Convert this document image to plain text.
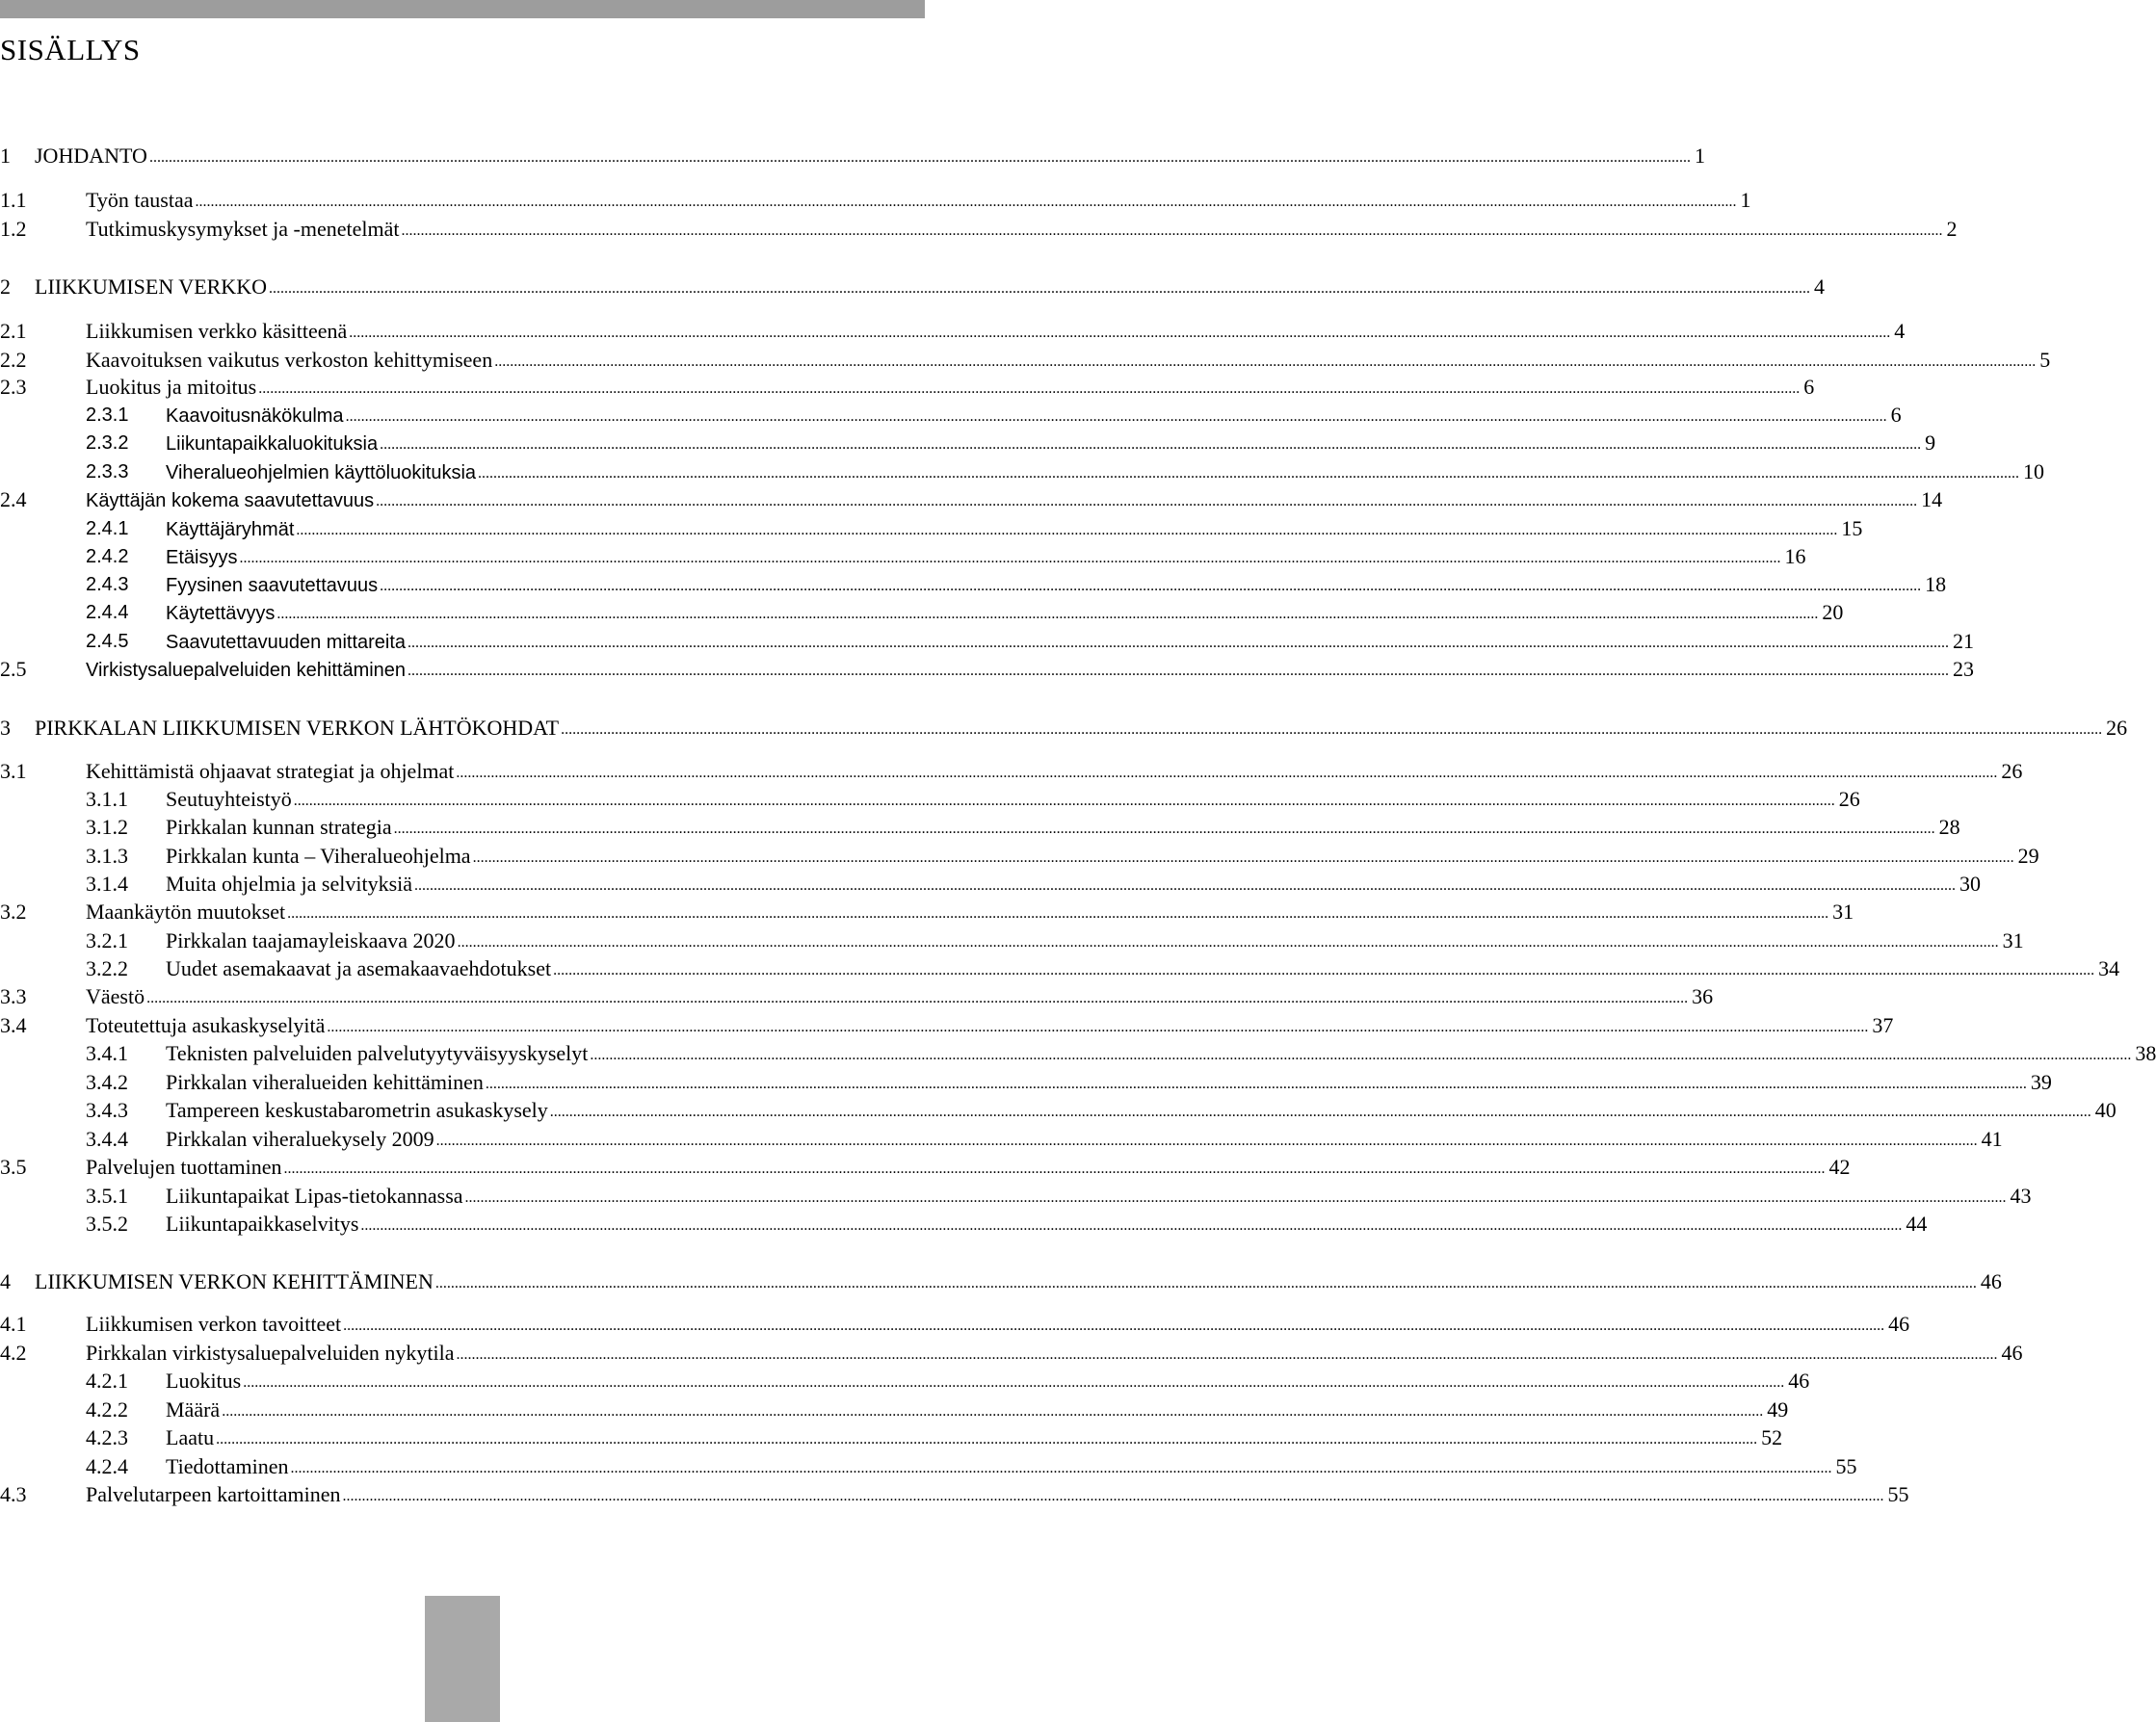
SISÄLLYS
1 JOHDANTO ................................................................................................................................................................................................................................................................................................................................................................................................................ 1
1.1	Työn taustaa ................................................................................................................................................................................................................................................................................................................................................................................................................ 1
1.2	Tutkimuskysymykset ja -menetelmät ................................................................................................................................................................................................................................................................................................................................................................................................................ 2
2 LIIKKUMISEN VERKKO ................................................................................................................................................................................................................................................................................................................................................................................................................ 4
2.1	Liikkumisen verkko käsitteenä ................................................................................................................................................................................................................................................................................................................................................................................................................ 4
2.2	Kaavoituksen vaikutus verkoston kehittymiseen ................................................................................................................................................................................................................................................................................................................................................................................................................ 5
2.3	Luokitus ja mitoitus ................................................................................................................................................................................................................................................................................................................................................................................................................ 6
2.3.1 Kaavoitusnäkökulma ................................................................................................................................................................................................................................................................................................................................................................................................................ 6
2.3.2 Liikuntapaikkaluokituksia ................................................................................................................................................................................................................................................................................................................................................................................................................ 9
2.3.3 Viheralueohjelmien käyttöluokituksia ................................................................................................................................................................................................................................................................................................................................................................................................................ 10
2.4	Käyttäjän kokema saavutettavuus ................................................................................................................................................................................................................................................................................................................................................................................................................ 14
2.4.1 Käyttäjäryhmät ................................................................................................................................................................................................................................................................................................................................................................................................................ 15
2.4.2 Etäisyys ................................................................................................................................................................................................................................................................................................................................................................................................................ 16
2.4.3 Fyysinen saavutettavuus ................................................................................................................................................................................................................................................................................................................................................................................................................ 18
2.4.4 Käytettävyys ................................................................................................................................................................................................................................................................................................................................................................................................................ 20
2.4.5 Saavutettavuuden mittareita ................................................................................................................................................................................................................................................................................................................................................................................................................ 21
2.5	Virkistysaluepalveluiden kehittäminen ................................................................................................................................................................................................................................................................................................................................................................................................................ 23
3 PIRKKALAN LIIKKUMISEN VERKON LÄHTÖKOHDAT ................................................................................................................................................................................................................................................................................................................................................................................................................ 26
3.1	Kehittämistä ohjaavat strategiat ja ohjelmat ................................................................................................................................................................................................................................................................................................................................................................................................................ 26
3.1.1 Seutuyhteistyö ................................................................................................................................................................................................................................................................................................................................................................................................................ 26
3.1.2 Pirkkalan kunnan strategia ................................................................................................................................................................................................................................................................................................................................................................................................................ 28
3.1.3 Pirkkalan kunta – Viheralueohjelma ................................................................................................................................................................................................................................................................................................................................................................................................................ 29
3.1.4 Muita ohjelmia ja selvityksiä ................................................................................................................................................................................................................................................................................................................................................................................................................ 30
3.2	Maankäytön muutokset ................................................................................................................................................................................................................................................................................................................................................................................................................ 31
3.2.1 Pirkkalan taajamayleiskaava 2020 ................................................................................................................................................................................................................................................................................................................................................................................................................ 31
3.2.2 Uudet asemakaavat ja asemakaavaehdotukset ................................................................................................................................................................................................................................................................................................................................................................................................................ 34
3.3	Väestö ................................................................................................................................................................................................................................................................................................................................................................................................................ 36
3.4	Toteutettuja asukaskyselyitä ................................................................................................................................................................................................................................................................................................................................................................................................................ 37
3.4.1 Teknisten palveluiden palvelutyytyväisyyskyselyt ................................................................................................................................................................................................................................................................................................................................................................................................................ 38
3.4.2 Pirkkalan viheralueiden kehittäminen ................................................................................................................................................................................................................................................................................................................................................................................................................ 39
3.4.3 Tampereen keskustabarometrin asukaskysely ................................................................................................................................................................................................................................................................................................................................................................................................................ 40
3.4.4 Pirkkalan viheraluekysely 2009 ................................................................................................................................................................................................................................................................................................................................................................................................................ 41
3.5	Palvelujen tuottaminen ................................................................................................................................................................................................................................................................................................................................................................................................................ 42
3.5.1 Liikuntapaikat Lipas-tietokannassa ................................................................................................................................................................................................................................................................................................................................................................................................................ 43
3.5.2 Liikuntapaikkaselvitys ................................................................................................................................................................................................................................................................................................................................................................................................................ 44
4 LIIKKUMISEN VERKON KEHITTÄMINEN ................................................................................................................................................................................................................................................................................................................................................................................................................ 46
4.1	Liikkumisen verkon tavoitteet ................................................................................................................................................................................................................................................................................................................................................................................................................ 46
4.2	Pirkkalan virkistysaluepalveluiden nykytila ................................................................................................................................................................................................................................................................................................................................................................................................................ 46
4.2.1 Luokitus ................................................................................................................................................................................................................................................................................................................................................................................................................ 46
4.2.2 Määrä ................................................................................................................................................................................................................................................................................................................................................................................................................ 49
4.2.3 Laatu ................................................................................................................................................................................................................................................................................................................................................................................................................ 52
4.2.4 Tiedottaminen ................................................................................................................................................................................................................................................................................................................................................................................................................ 55
4.3	Palvelutarpeen kartoittaminen ................................................................................................................................................................................................................................................................................................................................................................................................................ 55
